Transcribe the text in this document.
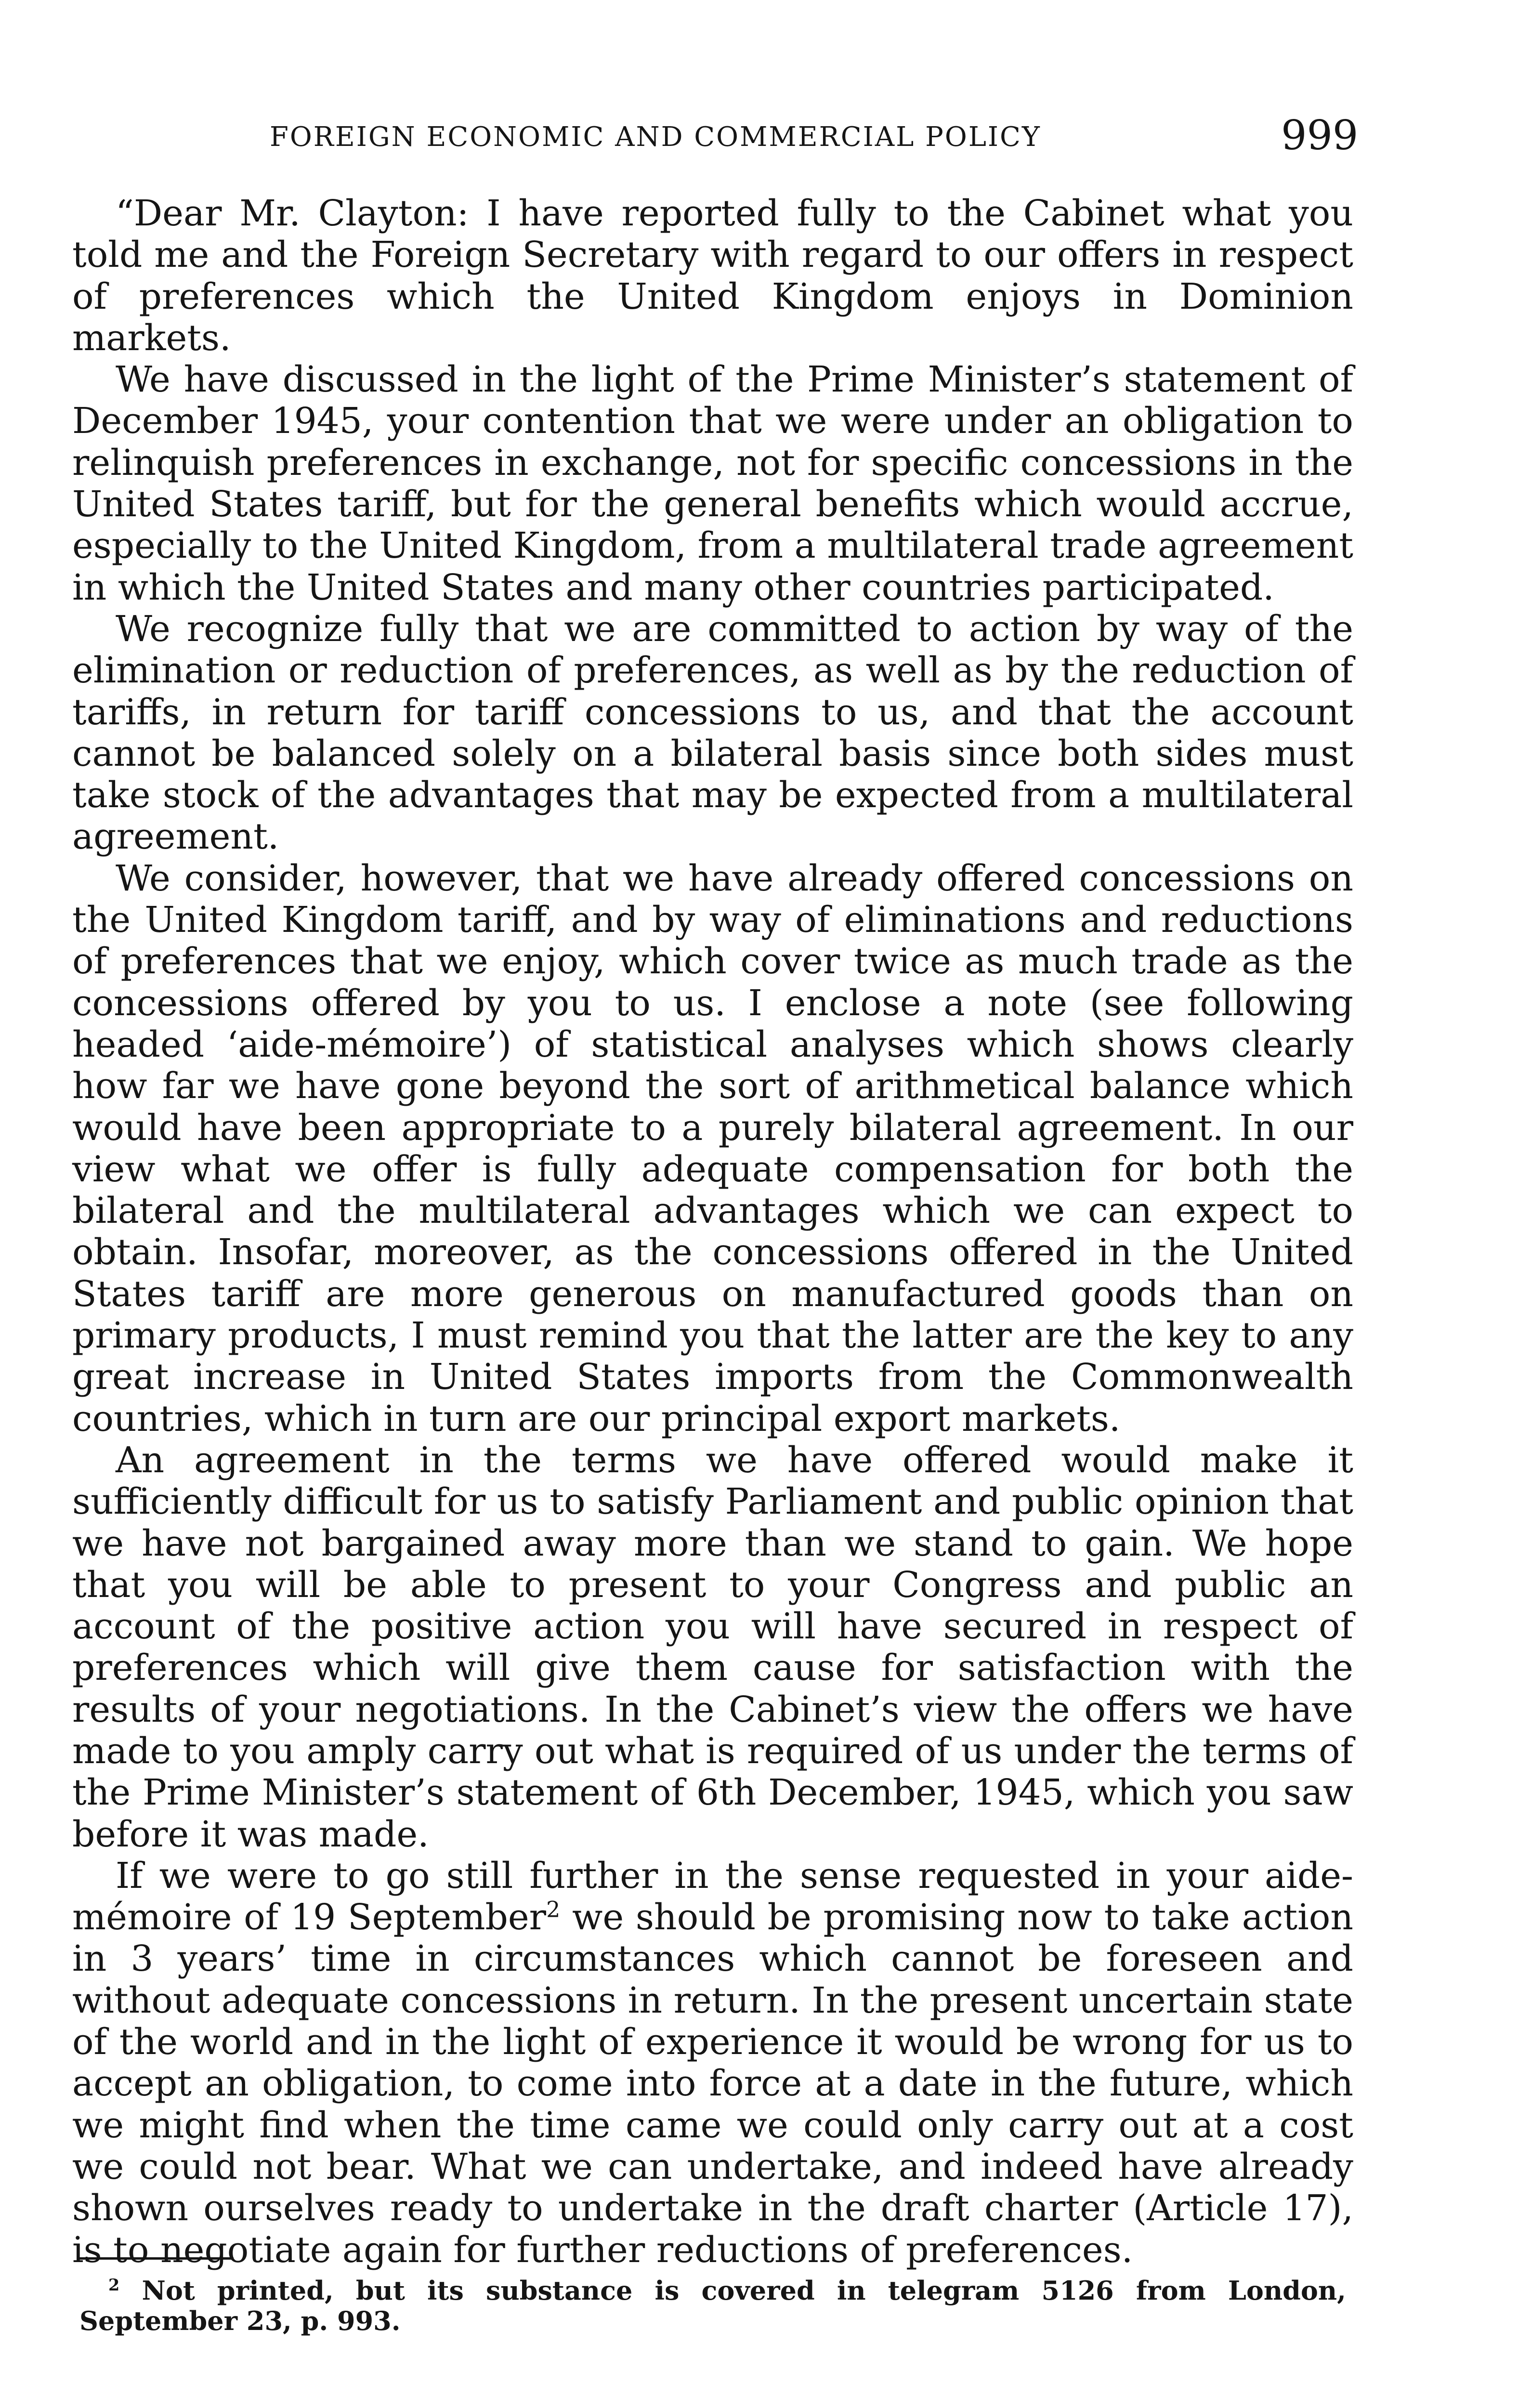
FOREIGN ECONOMIC AND COMMERCIAL POLICY	999

“Dear Mr. Clayton: I have reported fully to the Cabinet what you told me and the Foreign Secretary with regard to our offers in respect of preferences which the United Kingdom enjoys in Dominion markets.

We have discussed in the light of the Prime Minister’s statement of December 1945, your contention that we were under an obligation to relinquish preferences in exchange, not for specific concessions in the United States tariff, but for the general benefits which would accrue, especially to the United Kingdom, from a multilateral trade agreement in which the United States and many other countries participated.

We recognize fully that we are committed to action by way of the elimination or reduction of preferences, as well as by the reduction of tariffs, in return for tariff concessions to us, and that the account cannot be balanced solely on a bilateral basis since both sides must take stock of the advantages that may be expected from a multilateral agreement.

We consider, however, that we have already offered concessions on the United Kingdom tariff, and by way of eliminations and reductions of preferences that we enjoy, which cover twice as much trade as the concessions offered by you to us. I enclose a note (see following headed ‘aide-mémoire’) of statistical analyses which shows clearly how far we have gone beyond the sort of arithmetical balance which would have been appropriate to a purely bilateral agreement. In our view what we offer is fully adequate compensation for both the bilateral and the multilateral advantages which we can expect to obtain. Insofar, moreover, as the concessions offered in the United States tariff are more generous on manufactured goods than on primary products, I must remind you that the latter are the key to any great increase in United States imports from the Commonwealth countries, which in turn are our principal export markets.

An agreement in the terms we have offered would make it sufficiently difficult for us to satisfy Parliament and public opinion that we have not bargained away more than we stand to gain. We hope that you will be able to present to your Congress and public an account of the positive action you will have secured in respect of preferences which will give them cause for satisfaction with the results of your negotiations. In the Cabinet’s view the offers we have made to you amply carry out what is required of us under the terms of the Prime Minister’s statement of 6th December, 1945, which you saw before it was made.

If we were to go still further in the sense requested in your aide-mémoire of 19 September$^2$ we should be promising now to take action in 3 years’ time in circumstances which cannot be foreseen and without adequate concessions in return. In the present uncertain state of the world and in the light of experience it would be wrong for us to accept an obligation, to come into force at a date in the future, which we might find when the time came we could only carry out at a cost we could not bear. What we can undertake, and indeed have already shown ourselves ready to undertake in the draft charter (Article 17), is to negotiate again for further reductions of preferences.

$^2$ Not printed, but its substance is covered in telegram 5126 from London, September 23, p. 993.
